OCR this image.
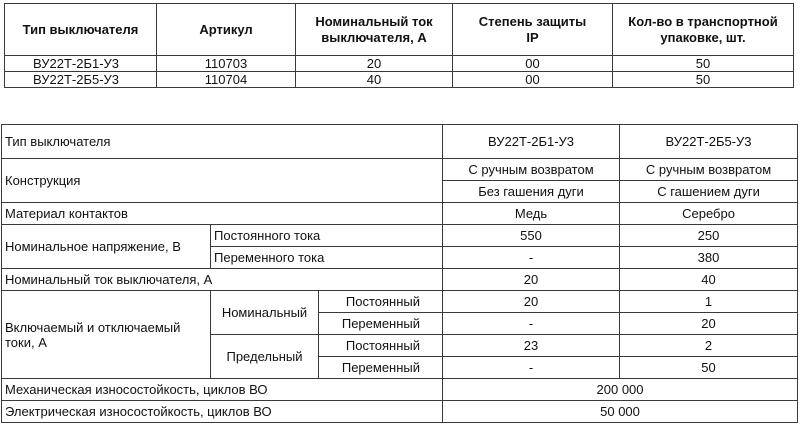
Тип выключателя	Артикул	Номинальный ток выключателя, А	Степень защиты IP	Кол-во в транспортной упаковке, шт.

ВУ22Т-2Б1-У3	110703	20	00	50
ВУ22Т-2Б5-У3	110704	40	00	50
Тип выключателя			ВУ22Т-2Б1-У3	ВУ22Т-2Б5-У3
Конструкция			С ручным возвратом	С ручным возвратом
			Без гашения дуги	С гашением дуги
Материал контактов			Медь	Серебро
Номинальное напряжение, В	Постоянного тока		550	250
	Переменного тока		-	380
Номинальный ток выключателя, А			20	40

Включаемый и отключаемый токи, А	Номинальный	Постоянный	20	1
		Переменный	-	20
	Предельный	Постоянный	23	2
		Переменный	-	50
Механическая износостойкость, циклов ВО			200 000	
Электрическая износостойкость, циклов ВО			50 000	
